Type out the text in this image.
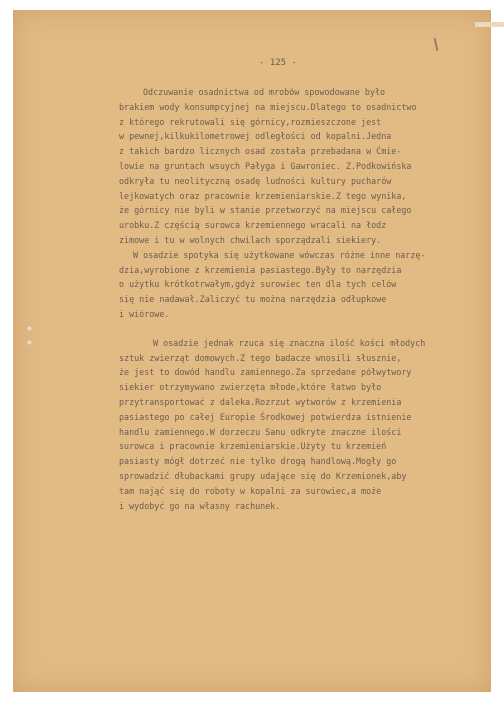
- 125 -
Odczuwanie osadnictwa od mrobów spowodowane było
brakiem wody konsumpcyjnej na miejscu.Dlatego to osadnictwo
z którego rekrutowali się górnicy,rozmieszczone jest
w pewnej,kilkukilometrowej odległości od kopalni.Jedna
z takich bardzo licznych osad została przebadana w Ćmie-
lowie na gruntach wsuych Pałyga i Gawroniec. Z.Podkowińska
odkryła tu neolityczną osadę ludności kultury pucharów
lejkowatych oraz pracownie krzemieniarskie.Z tego wynika,
że górnicy nie byli w stanie przetworzyć na miejscu całego
urobku.Z częścią surowca krzemiennego wracali na łodz
zimowe i tu w wolnych chwilach sporządzali siekiery.
W osadzie spotyka się użytkowane wówczas różne inne narzę-
dzia,wyrobione z krzemienia pasiastego.Były to narzędzia
o użytku krótkotrwałym,gdyż surowiec ten dla tych celów
się nie nadawał.Zaliczyć tu można narzędzia odłupkowe
i wiórowe.
W osadzie jednak rzuca się znaczna ilość kości młodych
sztuk zwierząt domowych.Z tego badacze wnosili słusznie,
że jest to dowód handlu zamiennego.Za sprzedane półwytwory
siekier otrzymywano zwierzęta młode,które łatwo było
przytransportować z daleka.Rozrzut wytworów z krzemienia
pasiastego po całej Europie Środkowej potwierdza istnienie
handlu zamiennego.W dorzeczu Sanu odkryte znaczne ilości
surowca i pracownie krzemieniarskie.Użyty tu krzemień
pasiasty mógł dotrzeć nie tylko drogą handlową.Mogły go
sprowadzić dłubackami grupy udające się do Krzemionek,aby
tam nająć się do roboty w kopalni za surowiec,a może
i wydobyć go na własny rachunek.
